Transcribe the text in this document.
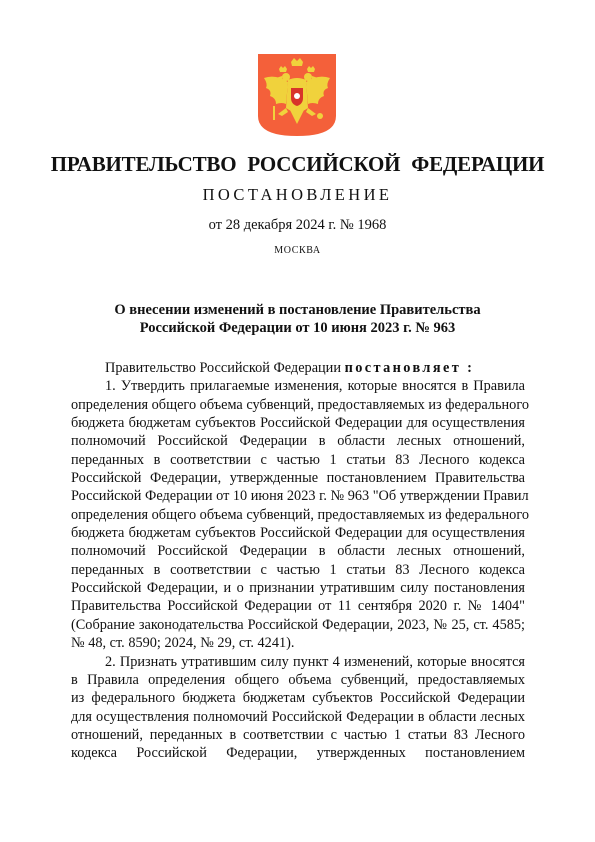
ПРАВИТЕЛЬСТВО РОССИЙСКОЙ ФЕДЕРАЦИИ
ПОСТАНОВЛЕНИЕ
от 28 декабря 2024 г. № 1968
МОСКВА
О внесении изменений в постановление Правительства
Российской Федерации от 10 июня 2023 г. № 963
Правительство Российской Федерации постановляет :
1. Утвердить прилагаемые изменения, которые вносятся в Правила
определения общего объема субвенций, предоставляемых из федерального
бюджета бюджетам субъектов Российской Федерации для осуществления
полномочий Российской Федерации в области лесных отношений,
переданных в соответствии с частью 1 статьи 83 Лесного кодекса
Российской Федерации, утвержденные постановлением Правительства
Российской Федерации от 10 июня 2023 г. № 963 "Об утверждении Правил
определения общего объема субвенций, предоставляемых из федерального
бюджета бюджетам субъектов Российской Федерации для осуществления
полномочий Российской Федерации в области лесных отношений,
переданных в соответствии с частью 1 статьи 83 Лесного кодекса
Российской Федерации, и о признании утратившим силу постановления
Правительства Российской Федерации от 11 сентября 2020 г. № 1404"
(Собрание законодательства Российской Федерации, 2023, № 25, ст. 4585;
№ 48, ст. 8590; 2024, № 29, ст. 4241).
2. Признать утратившим силу пункт 4 изменений, которые вносятся
в Правила определения общего объема субвенций, предоставляемых
из федерального бюджета бюджетам субъектов Российской Федерации
для осуществления полномочий Российской Федерации в области лесных
отношений, переданных в соответствии с частью 1 статьи 83 Лесного
кодекса Российской Федерации, утвержденных постановлением
